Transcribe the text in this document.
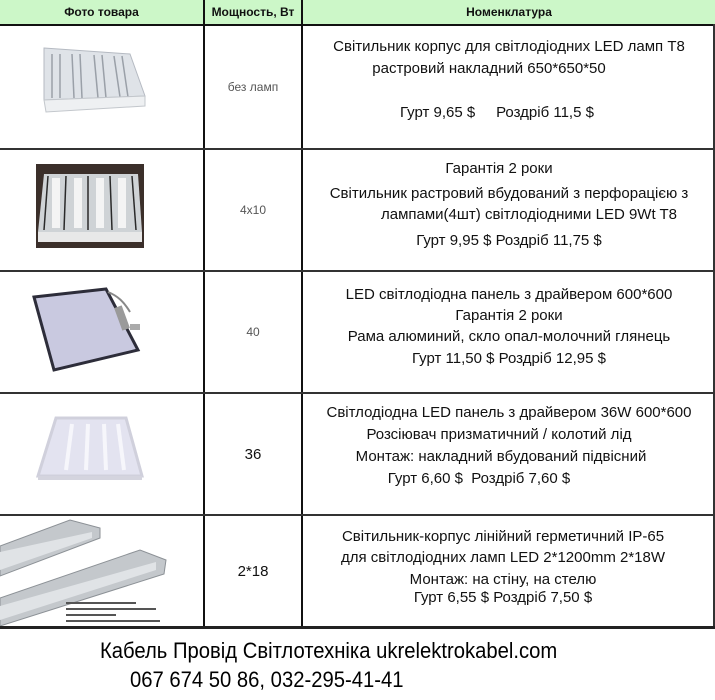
Фото товара	Мощность, Вт	Номенклатура
без ламп
Світильник корпус для світлодіодних LED ламп Т8
растровий накладний 650*650*50
Гурт 9,65 $     Роздріб 11,5 $
4x10
Гарантія 2 роки
Світильник растровий вбудований з перфорацією з
лампами(4шт) світлодіодними LED 9Wt T8
Гурт 9,95 $ Роздріб 11,75 $
40
LED світлодіодна панель з драйвером 600*600
Гарантія 2 роки
Рама алюминий, скло опал-молочний глянець
Гурт 11,50 $ Роздріб 12,95 $
36
Світлодіодна LED панель з драйвером 36W 600*600
Розсіювач призматичний / колотий лід
Монтаж: накладний вбудований підвісний
Гурт 6,60 $  Роздріб 7,60 $
2*18
Світильник-корпус лінійний герметичний IP-65
для світлодіодних ламп LED 2*1200mm 2*18W
Монтаж: на стіну, на стелю
Гурт 6,55 $ Роздріб 7,50 $
Кабель Провід Світлотехніка ukrelektrokabel.com
067 674 50 86, 032-295-41-41
